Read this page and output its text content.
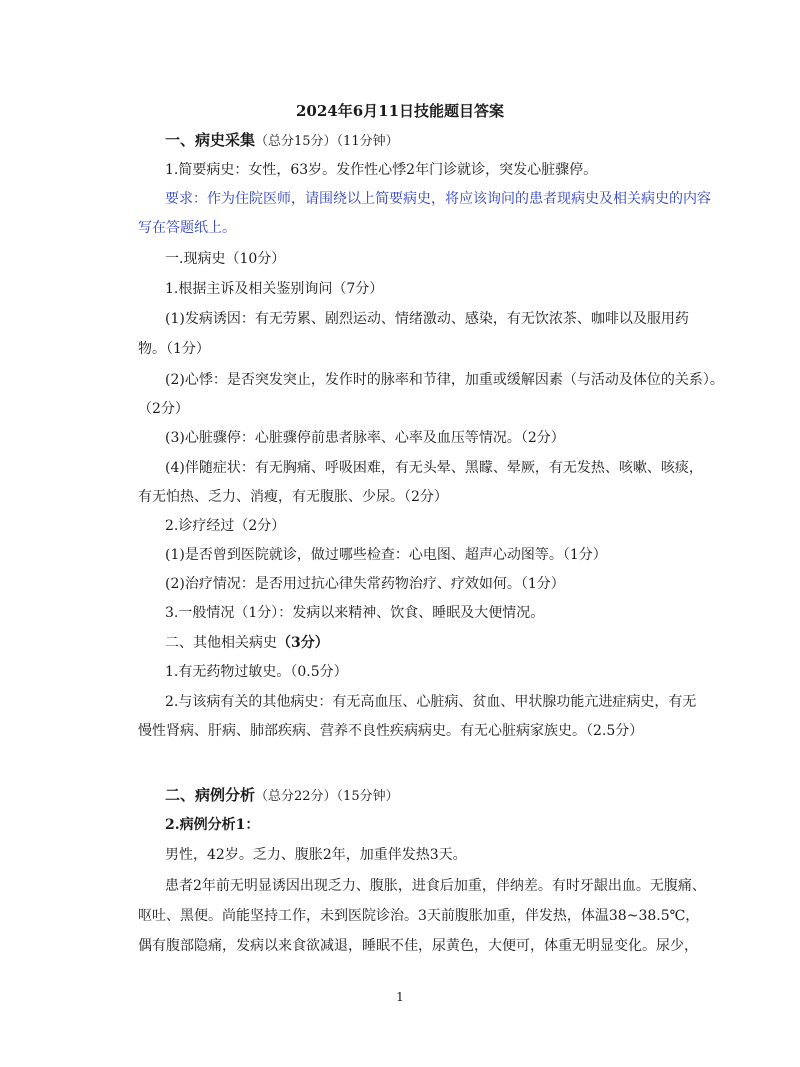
2024年6月11日技能题目答案
一、病史采集（总分15分）（11分钟）
1.简要病史：女性，63岁。发作性心悸2年门诊就诊，突发心脏骤停。
要求：作为住院医师，请围绕以上简要病史，将应该询问的患者现病史及相关病史的内容
写在答题纸上。
一.现病史（10分）
1.根据主诉及相关鉴别询问（7分）
(1)发病诱因：有无劳累、剧烈运动、情绪激动、感染，有无饮浓茶、咖啡以及服用药
物。（1分）
(2)心悸：是否突发突止，发作时的脉率和节律，加重或缓解因素（与活动及体位的关系）。
（2分）
(3)心脏骤停：心脏骤停前患者脉率、心率及血压等情况。（2分）
(4)伴随症状：有无胸痛、呼吸困难，有无头晕、黑矇、晕厥，有无发热、咳嗽、咳痰，
有无怕热、乏力、消瘦，有无腹胀、少尿。（2分）
2.诊疗经过（2分）
(1)是否曾到医院就诊，做过哪些检查：心电图、超声心动图等。（1分）
(2)治疗情况：是否用过抗心律失常药物治疗、疗效如何。（1分）
3.一般情况（1分）：发病以来精神、饮食、睡眠及大便情况。
二、其他相关病史（3分）
1.有无药物过敏史。（0.5分）
2.与该病有关的其他病史：有无高血压、心脏病、贫血、甲状腺功能亢进症病史，有无
慢性肾病、肝病、肺部疾病、营养不良性疾病病史。有无心脏病家族史。（2.5分）
二、病例分析（总分22分）（15分钟）
2.病例分析1：
男性，42岁。乏力、腹胀2年，加重伴发热3天。
患者2年前无明显诱因出现乏力、腹胀，进食后加重，伴纳差。有时牙龈出血。无腹痛、
呕吐、黑便。尚能坚持工作，未到医院诊治。3天前腹胀加重，伴发热，体温38~38.5℃，
偶有腹部隐痛，发病以来食欲减退，睡眠不佳，尿黄色，大便可，体重无明显变化。尿少，
1
